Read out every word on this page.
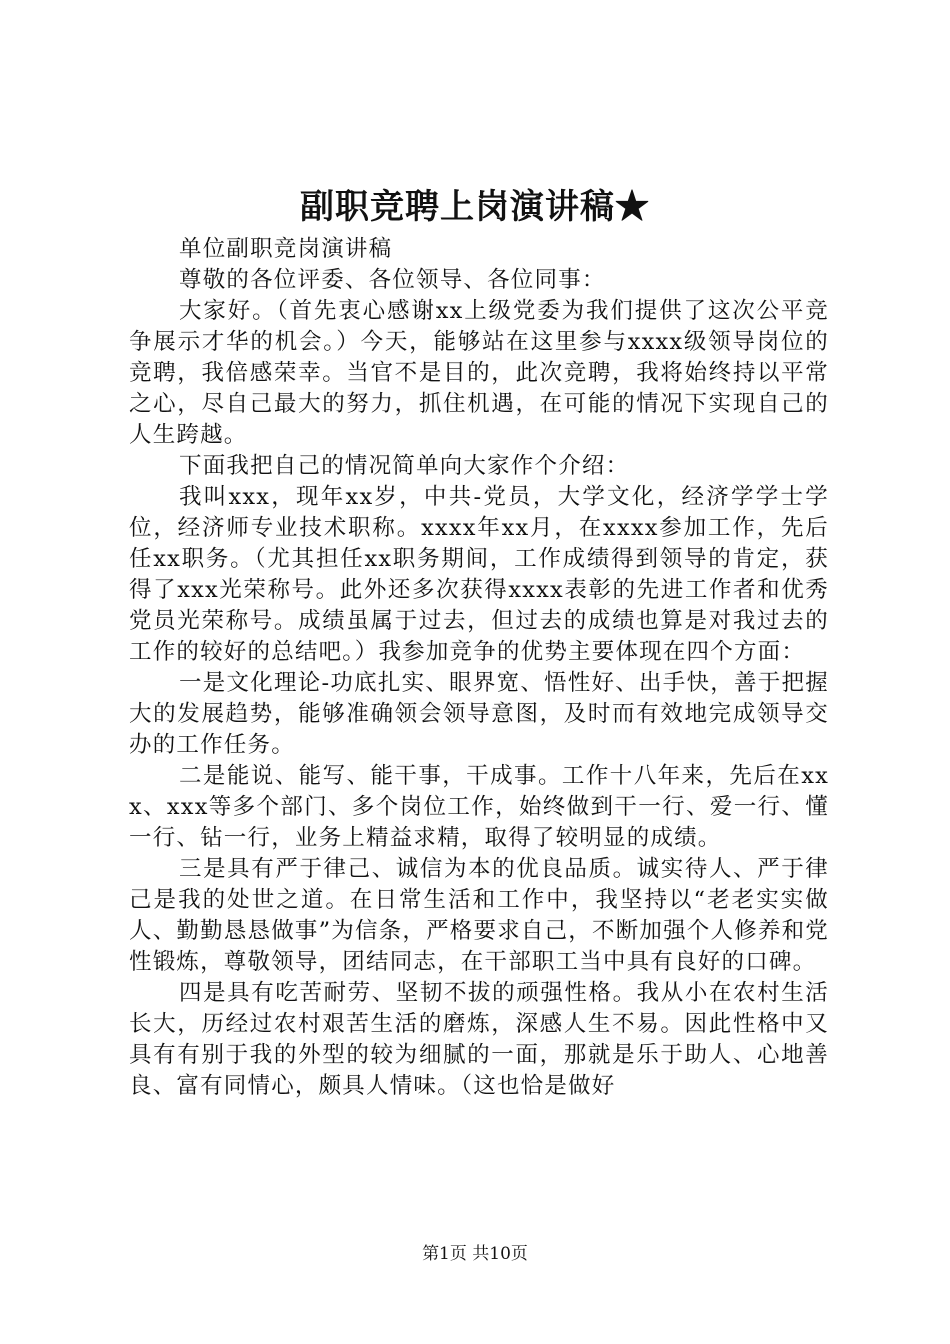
副职竞聘上岗演讲稿★

单位副职竞岗演讲稿

尊敬的各位评委、各位领导、各位同事：

大家好。（首先衷心感谢xx上级党委为我们提供了这次公平竞争展示才华的机会。）今天，能够站在这里参与xxxx级领导岗位的竞聘，我倍感荣幸。当官不是目的，此次竞聘，我将始终持以平常之心，尽自己最大的努力，抓住机遇，在可能的情况下实现自己的人生跨越。

下面我把自己的情况简单向大家作个介绍：

我叫xxx，现年xx岁，中共-党员，大学文化，经济学学士学位，经济师专业技术职称。xxxx年xx月，在xxxx参加工作，先后任xx职务。（尤其担任xx职务期间，工作成绩得到领导的肯定，获得了xxx光荣称号。此外还多次获得xxxx表彰的先进工作者和优秀党员光荣称号。成绩虽属于过去，但过去的成绩也算是对我过去的工作的较好的总结吧。）我参加竞争的优势主要体现在四个方面：

一是文化理论-功底扎实、眼界宽、悟性好、出手快，善于把握大的发展趋势，能够准确领会领导意图，及时而有效地完成领导交办的工作任务。

二是能说、能写、能干事，干成事。工作十八年来，先后在xxx、xxx等多个部门、多个岗位工作，始终做到干一行、爱一行、懂一行、钻一行，业务上精益求精，取得了较明显的成绩。

三是具有严于律己、诚信为本的优良品质。诚实待人、严于律己是我的处世之道。在日常生活和工作中，我坚持以“老老实实做人、勤勤恳恳做事”为信条，严格要求自己，不断加强个人修养和党性锻炼，尊敬领导，团结同志，在干部职工当中具有良好的口碑。

四是具有吃苦耐劳、坚韧不拔的顽强性格。我从小在农村生活长大，历经过农村艰苦生活的磨炼，深感人生不易。因此性格中又具有有别于我的外型的较为细腻的一面，那就是乐于助人、心地善良、富有同情心，颇具人情味。（这也恰是做好

第1页 共10页
